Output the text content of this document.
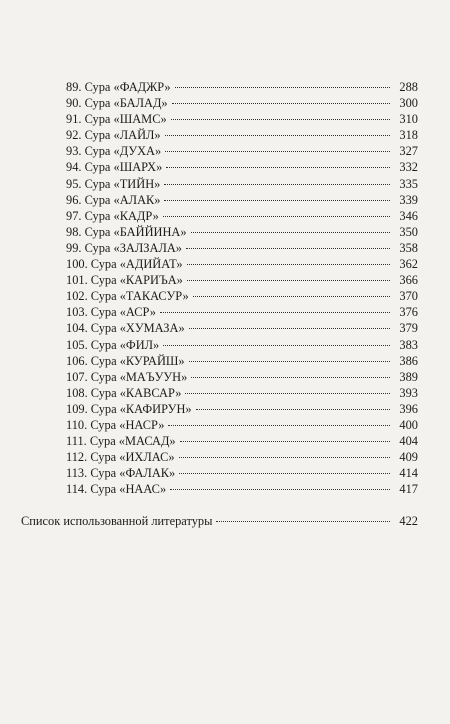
89. Сура «ФАДЖР»	288
90. Сура «БАЛАД»	300
91. Сура «ШАМС»	310
92. Сура «ЛАЙЛ»	318
93. Сура «ДУХА»	327
94. Сура «ШАРХ»	332
95. Сура «ТИЙН»	335
96. Сура «АЛАК»	339
97. Сура «КАДР»	346
98. Сура «БАЙЙИНА»	350
99. Сура «ЗАЛЗАЛА»	358
100. Сура «АДИЙАТ»	362
101. Сура «КАРИЪА»	366
102. Сура «ТАКАСУР»	370
103. Сура «АСР»	376
104. Сура «ХУМАЗА»	379
105. Сура «ФИЛ»	383
106. Сура «КУРАЙШ»	386
107. Сура «МАЪУУН»	389
108. Сура «КАВСАР»	393
109. Сура «КАФИРУН»	396
110. Сура «НАСР»	400
111. Сура «МАСАД»	404
112. Сура «ИХЛАС»	409
113. Сура «ФАЛАК»	414
114. Сура «НААС»	417
Список использованной литературы	422
